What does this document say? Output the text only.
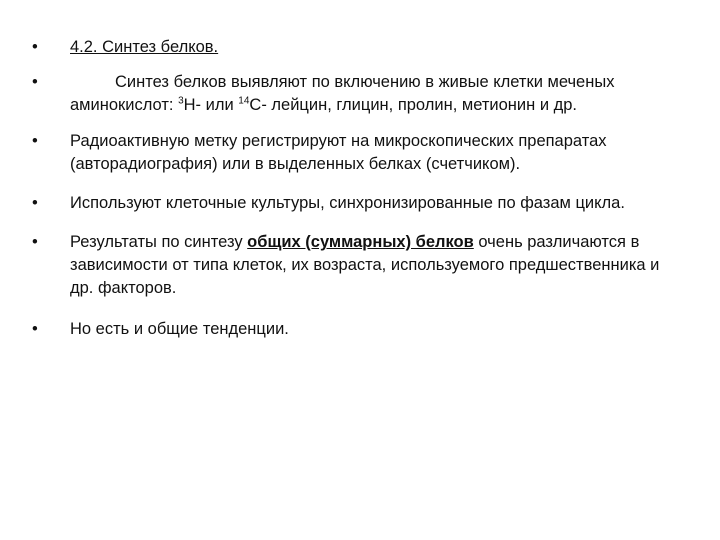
•	4.2. Синтез белков.
•	Синтез белков выявляют по включению в живые клетки меченых аминокислот: $^3$H- или $^{14}$C- лейцин, глицин, пролин, метионин и др.
•	Радиоактивную метку регистрируют на микроскопических препаратах (авторадиография) или в выделенных белках (счетчиком).
•	Используют клеточные культуры, синхронизированные по фазам цикла.
•	Результаты по синтезу общих (суммарных) белков очень различаются в зависимости от типа клеток, их возраста, используемого предшественника и др. факторов.
•	Но есть и общие тенденции.
